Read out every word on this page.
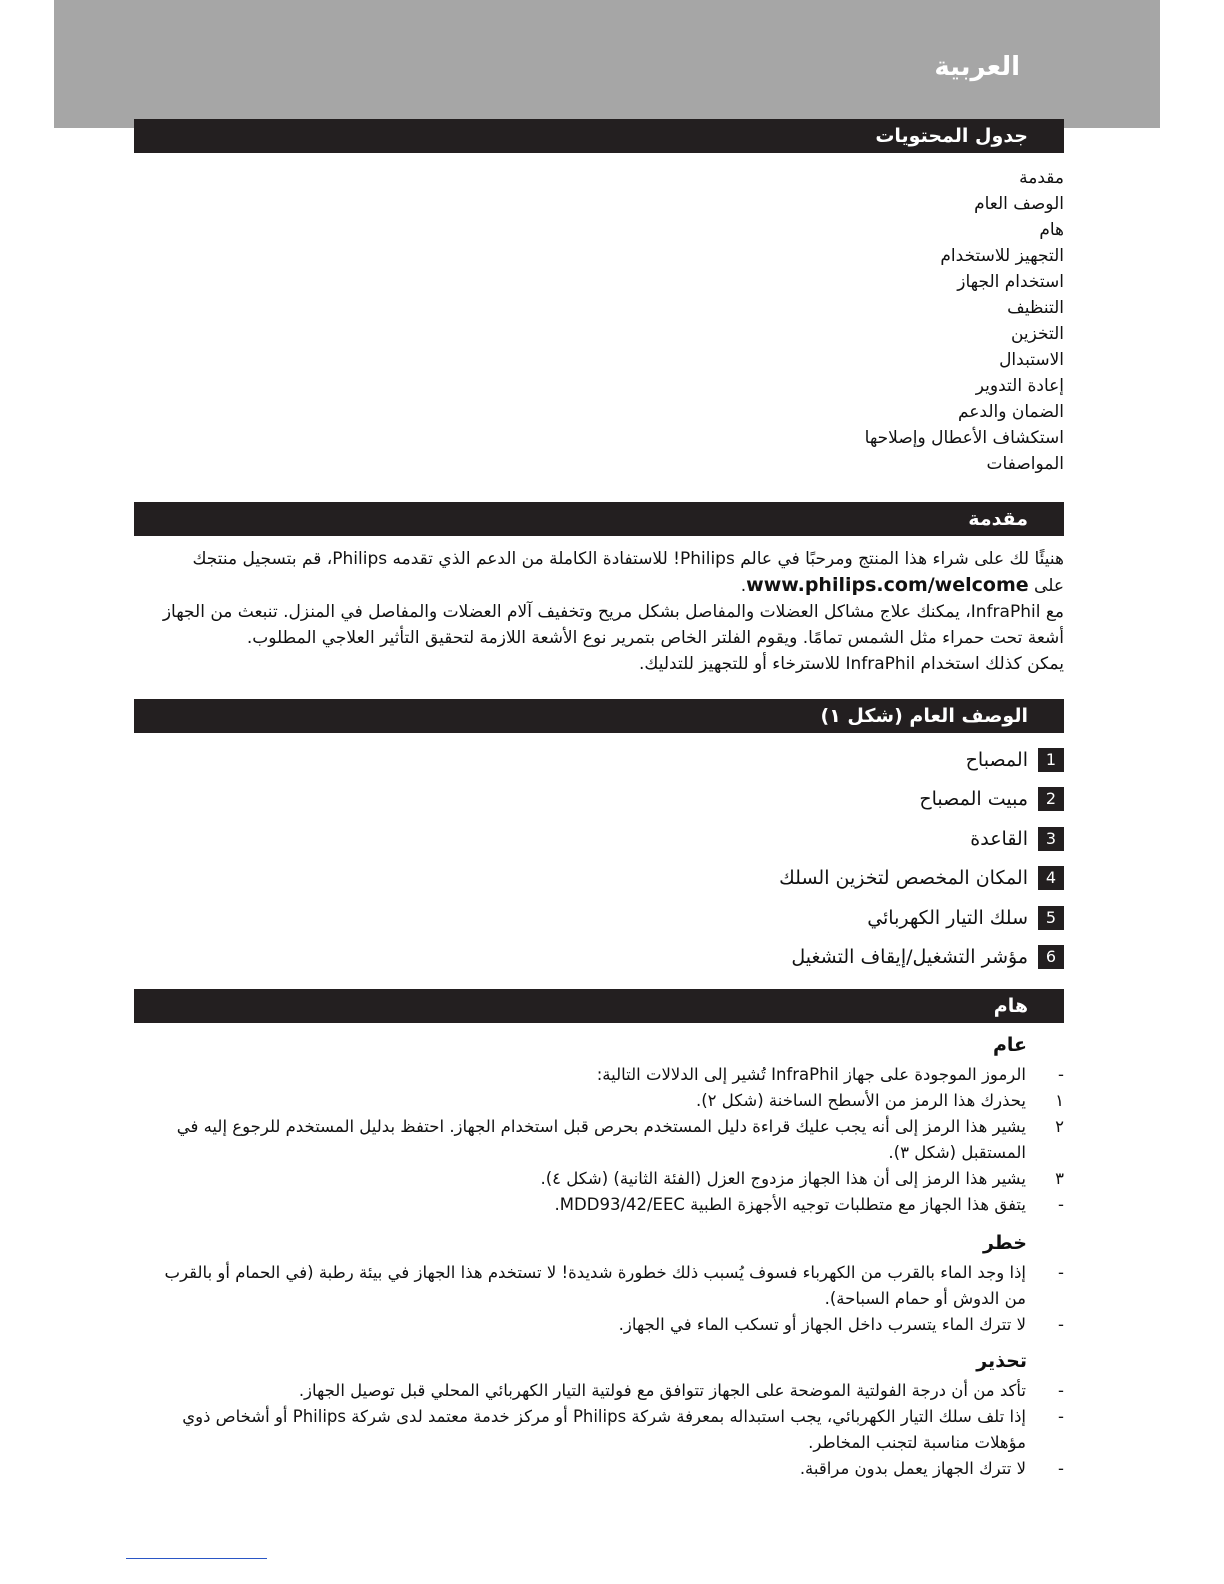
العربية
جدول المحتويات
مقدمة
الوصف العام
هام
التجهيز للاستخدام
استخدام الجهاز
التنظيف
التخزين
الاستبدال
إعادة التدوير
الضمان والدعم
استكشاف الأعطال وإصلاحها
المواصفات
مقدمة

هنيئًا لك على شراء هذا المنتج ومرحبًا في عالم Philips! للاستفادة الكاملة من الدعم الذي تقدمه Philips، قم بتسجيل منتجك

على www.philips.com/welcome.

مع InfraPhil، يمكنك علاج مشاكل العضلات والمفاصل بشكل مريح وتخفيف آلام العضلات والمفاصل في المنزل. تنبعث من الجهاز أشعة تحت حمراء مثل الشمس تمامًا. ويقوم الفلتر الخاص بتمرير نوع الأشعة اللازمة لتحقيق التأثير العلاجي المطلوب.

يمكن كذلك استخدام InfraPhil للاسترخاء أو للتجهيز للتدليك.

الوصف العام (شكل ١)
1
المصباح
2
مبيت المصباح
3
القاعدة
4
المكان المخصص لتخزين السلك
5
سلك التيار الكهربائي
6
مؤشر التشغيل/إيقاف التشغيل
هام
عام
-
الرموز الموجودة على جهاز InfraPhil تُشير إلى الدلالات التالية:
١
يحذرك هذا الرمز من الأسطح الساخنة (شكل ٢).
٢
يشير هذا الرمز إلى أنه يجب عليك قراءة دليل المستخدم بحرص قبل استخدام الجهاز. احتفظ بدليل المستخدم للرجوع إليه في المستقبل (شكل ٣).
٣
يشير هذا الرمز إلى أن هذا الجهاز مزدوج العزل (الفئة الثانية) (شكل ٤).
-
يتفق هذا الجهاز مع متطلبات توجيه الأجهزة الطبية MDD93/42/EEC.
خطر
-
إذا وجد الماء بالقرب من الكهرباء فسوف يُسبب ذلك خطورة شديدة! لا تستخدم هذا الجهاز في بيئة رطبة (في الحمام أو بالقرب من الدوش أو حمام السباحة).
-
لا تترك الماء يتسرب داخل الجهاز أو تسكب الماء في الجهاز.
تحذير
-
تأكد من أن درجة الفولتية الموضحة على الجهاز تتوافق مع فولتية التيار الكهربائي المحلي قبل توصيل الجهاز.
-
إذا تلف سلك التيار الكهربائي، يجب استبداله بمعرفة شركة Philips أو مركز خدمة معتمد لدى شركة Philips أو أشخاص ذوي مؤهلات مناسبة لتجنب المخاطر.
-
لا تترك الجهاز يعمل بدون مراقبة.
